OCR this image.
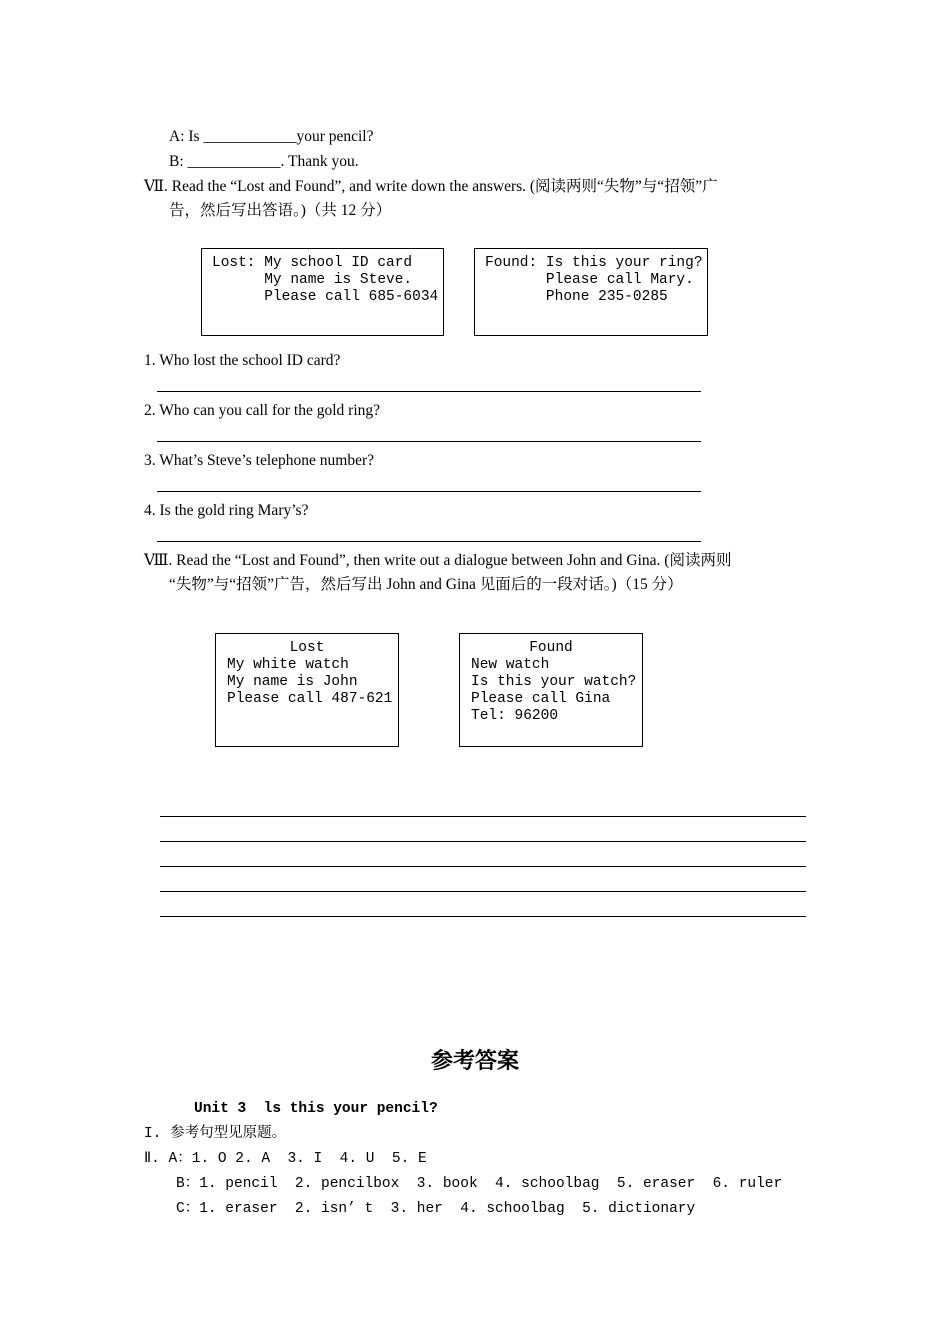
A: Is ____________your pencil?
B: ____________. Thank you.
Ⅶ. Read the “Lost and Found”, and write down the answers. (阅读两则“失物”与“招领”广
告，然后写出答语。)（共 12 分）
Lost: My school ID card
My name is Steve.
Please call 685-6034
Found: Is this your ring?
Please call Mary.
Phone 235-0285
1. Who lost the school ID card?
2. Who can you call for the gold ring?
3. What’s Steve’s telephone number?
4. Is the gold ring Mary’s?
Ⅷ. Read the “Lost and Found”, then write out a dialogue between John and Gina. (阅读两则
“失物”与“招领”广告，然后写出 John and Gina 见面后的一段对话。)（15 分）
Lost
My white watch
My name is John
Please call 487-621
Found
New watch
Is this your watch?
Please call Gina
Tel: 96200
参考答案
Unit 3  ls this your pencil?
I. 参考句型见原题。
Ⅱ. A：1. O 2. A  3. I  4. U  5. E
B：1. pencil  2. pencilbox  3. book  4. schoolbag  5. eraser  6. ruler
C：1. eraser  2. isn’ t  3. her  4. schoolbag  5. dictionary
